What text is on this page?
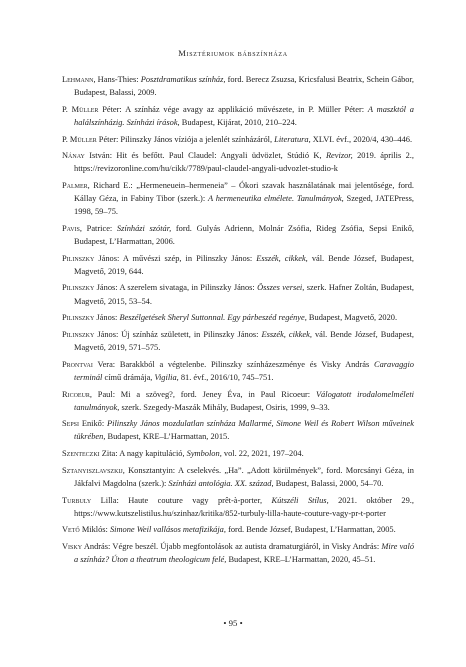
Misztériumok bábszínháza

Lehmann, Hans-Thies: Posztdramatikus színház, ford. Berecz Zsuzsa, Kricsfalusi Beatrix, Schein Gábor, Budapest, Balassi, 2009.

P. Müller Péter: A színház vége avagy az applikáció művészete, in P. Müller Péter: A maszktól a halálszínházig. Színházi írások, Budapest, Kijárat, 2010, 210–224.

P. Müller Péter: Pilinszky János víziója a jelenlét színházáról, Literatura, XLVI. évf., 2020/4, 430–446.

Nánay István: Hit és befőtt. Paul Claudel: Angyali üdvözlet, Stúdió K, Revizor, 2019. április 2., https://revizoronline.com/hu/cikk/7789/paul-claudel-angyali-udvozlet-studio-k

Palmer, Richard E.: „Hermeneuein–hermeneia” – Ókori szavak használatának mai jelentősége, ford. Kállay Géza, in Fabiny Tibor (szerk.): A hermeneutika elmélete. Tanulmányok, Szeged, JATEPress, 1998, 59–75.

Pavis, Patrice: Színházi szótár, ford. Gulyás Adrienn, Molnár Zsófia, Rideg Zsófia, Sepsi Enikő, Budapest, L’Harmattan, 2006.

Pilinszky János: A művészi szép, in Pilinszky János: Esszék, cikkek, vál. Bende József, Budapest, Magvető, 2019, 644.

Pilinszky János: A szerelem sivataga, in Pilinszky János: Összes versei, szerk. Hafner Zoltán, Budapest, Magvető, 2015, 53–54.

Pilinszky János: Beszélgetések Sheryl Suttonnal. Egy párbeszéd regénye, Budapest, Magvető, 2020.

Pilinszky János: Új színház született, in Pilinszky János: Esszék, cikkek, vál. Bende József, Budapest, Magvető, 2019, 571–575.

Prontvai Vera: Barakkból a végtelenbe. Pilinszky színházeszménye és Visky András Caravaggio terminál című drámája, Vigilia, 81. évf., 2016/10, 745–751.

Ricoeur, Paul: Mi a szöveg?, ford. Jeney Éva, in Paul Ricoeur: Válogatott irodalomelméleti tanulmányok, szerk. Szegedy-Maszák Mihály, Budapest, Osiris, 1999, 9–33.

Sepsi Enikő: Pilinszky János mozdulatlan színháza Mallarmé, Simone Weil és Robert Wilson műveinek tükrében, Budapest, KRE–L’Harmattan, 2015.

Szenteczki Zita: A nagy kapituláció, Symbolon, vol. 22, 2021, 197–204.

Sztanyiszlavszkij, Konsztantyin: A cselekvés. „Ha”. „Adott körülmények”, ford. Morcsányi Géza, in Jákfalvi Magdolna (szerk.): Színházi antológia. XX. század, Budapest, Balassi, 2000, 54–70.

Turbuly Lilla: Haute couture vagy prêt-à-porter, Kútszéli Stílus, 2021. október 29., https://www.kutszelistilus.hu/szinhaz/kritika/852-turbuly-lilla-haute-couture-vagy-pr-t-porter

Vető Miklós: Simone Weil vallásos metafizikája, ford. Bende József, Budapest, L’Harmattan, 2005.

Visky András: Végre beszél. Újabb megfontolások az autista dramaturgiáról, in Visky András: Mire való a színház? Úton a theatrum theologicum felé, Budapest, KRE–L’Harmattan, 2020, 45–51.

• 95 •
